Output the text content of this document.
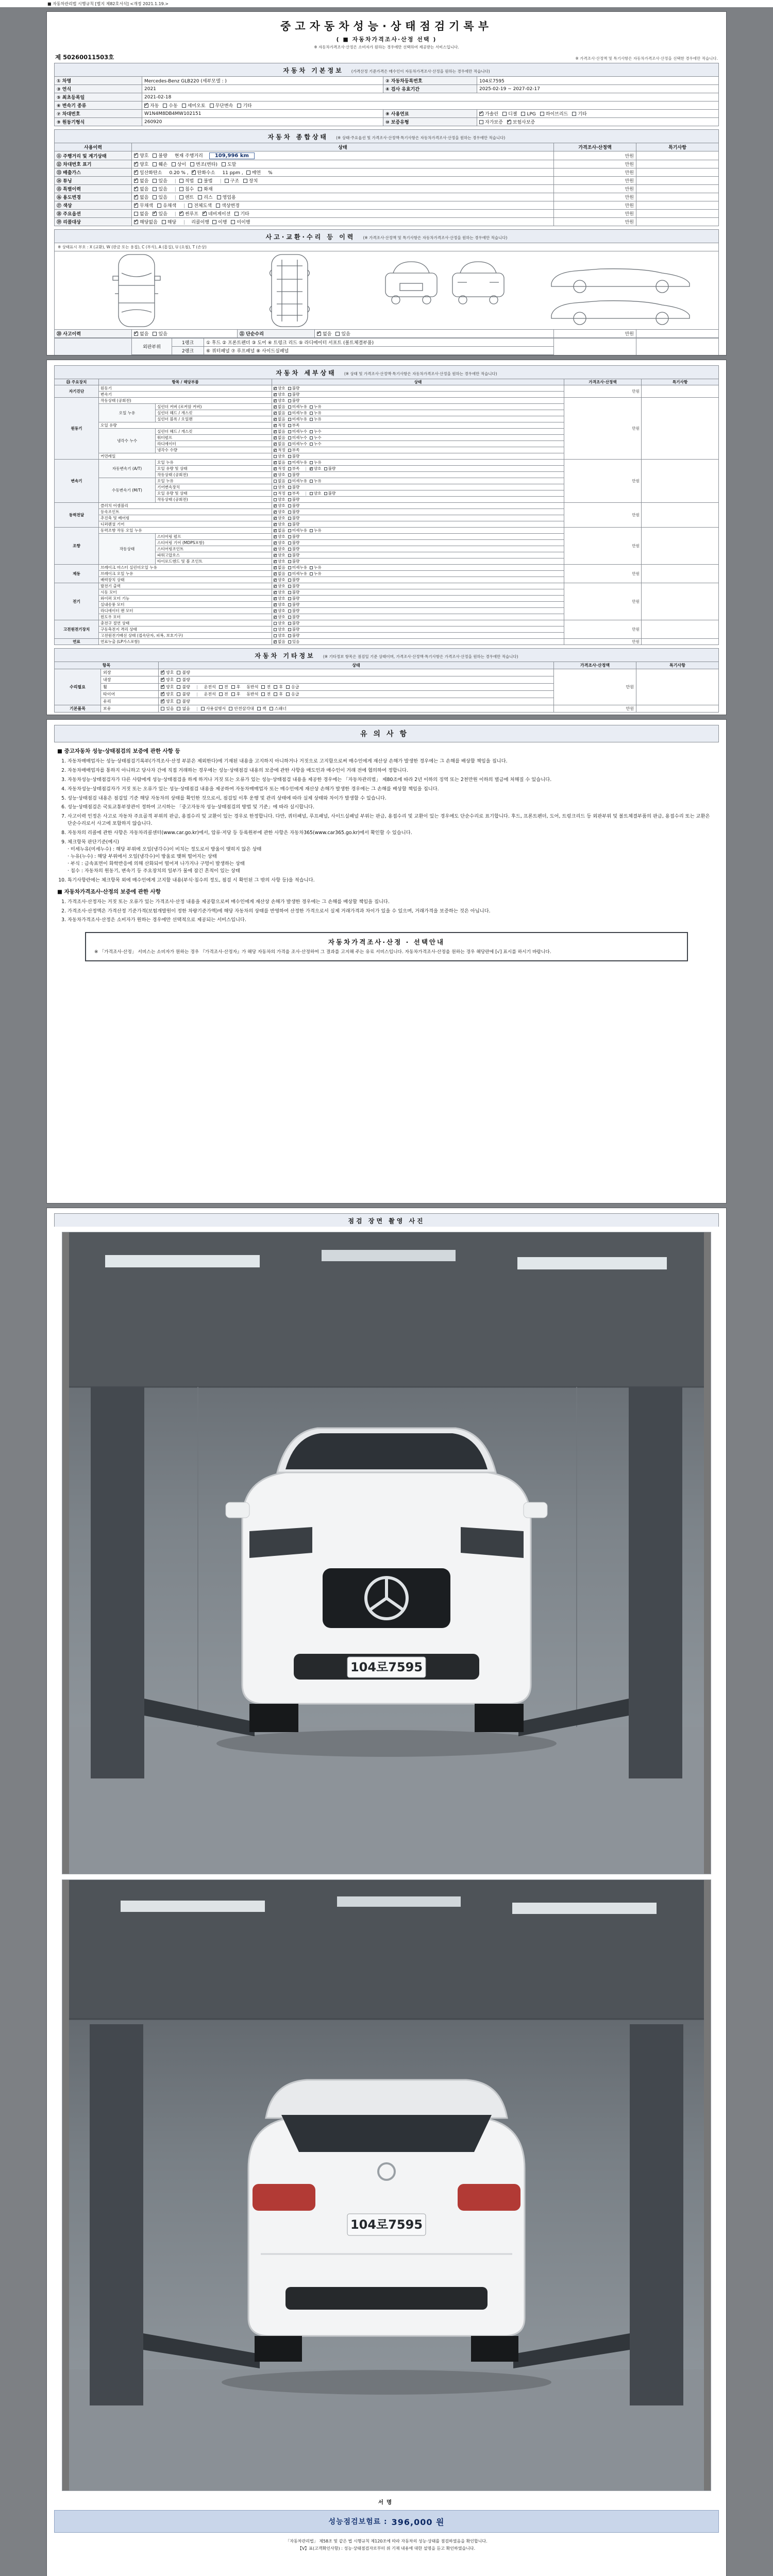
■ 자동차관리법 시행규칙 [별지 제82호서식] <개정 2021.1.19.>
중고자동차성능·상태점검기록부
( ■ 자동차가격조사·산정 선택 )
※ 자동차가격조사·산정은 소비자가 원하는 경우에만 선택하여 제공받는 서비스입니다.
제 50260011503호	※ 가격조사·산정액 및 특기사항은 자동차가격조사·산정을 선택한 경우에만 적습니다.
자동차 기본정보 (가격산정 기준가격은 매수인이 자동차가격조사·산정을 원하는 경우에만 적습니다)
① 차명	Mercedes-Benz GLB220 (세부모델 : )	② 자동차등록번호	104로7595
③ 연식	2021	④ 검사 유효기간	2025-02-19 ~ 2027-02-17
⑤ 최초등록일	2021-02-18		
⑥ 변속기 종류	✓자동 수동 세미오토 무단변속 기타
⑦ 차대번호	W1N4M8DB4MW102151	⑧ 사용연료	✓가솔린 디젤 LPG 하이브리드 기타
⑨ 원동기형식	260920	⑩ 보증유형	자가보증 ✓ 보험사보증
자동차 종합상태 (※ 상태·주요옵션 및 가격조사·산정액·특기사항은 자동차가격조사·산정을 원하는 경우에만 적습니다)
사용이력	상태	가격조사·산정액	특기사항
⑪ 주행거리 및 계기상태	✓양호 불량 현재 주행거리 109,996 km	만원	
⑫ 차대번호 표기	✓양호 훼손 상이 변조(변타) 도말	만원	
⑬ 배출가스	✓일산화탄소 0.20 % , ✓ 탄화수소 11 ppm , 매연 %	만원	
⑭ 튜닝	✓없음 있음 | 적법 불법 | 구조 장치	만원	
⑮ 특별이력	✓없음 있음 | 침수 화재	만원	
⑯ 용도변경	✓없음 있음 | 렌트 리스 영업용	만원	
⑰ 색상	✓무채색 유채색 | 전체도색 색상변경	만원	
⑱ 주요옵션	없음 ✓ 있음 | ✓ 썬루프 ✓ 네비게이션 기타	만원	
⑲ 리콜대상	✓해당없음 해당 | 리콜이행 이행 미이행	만원	
사고·교환·수리 등 이력 (※ 가격조사·산정액 및 특기사항은 자동차가격조사·산정을 원하는 경우에만 적습니다)
※ 상태표시 부호 : X (교환), W (판금 또는 용접), C (부식), A (흠집), U (요철), T (손상)
⑳ 사고이력	✓없음 있음	㉑ 단순수리	✓없음 있음	만원	
	외판부위	1랭크	① 후드 ② 프론트펜더 ③ 도어 ④ 트렁크 리드 ⑤ 라디에이터 서포트 (볼트체결부품)		
		2랭크	⑥ 쿼터패널 ⑦ 루프패널 ⑧ 사이드실패널		

자동차 세부상태 (※ 상태 및 가격조사·산정액·특기사항은 자동차가격조사·산정을 원하는 경우에만 적습니다)
㉓ 주요장치	항목 / 해당부품		상태	가격조사·산정액	특기사항
자기진단	원동기	✓양호 불량	만원	
	변속기	✓양호 불량
원동기	작동상태 (공회전)	✓양호 불량	만원	
	오일 누유	실린더 커버 (로커암 커버)	✓없음 미세누유 누유
		실린더 헤드 / 개스킷	✓없음 미세누유 누유
		실린더 블록 / 오일팬	✓없음 미세누유 누유
	오일 유량	✓적정 부족
	냉각수 누수	실린더 헤드 / 개스킷	✓없음 미세누수 누수
		워터펌프	✓없음 미세누수 누수
		라디에이터	✓없음 미세누수 누수
		냉각수 수량	✓적정 부족
	커먼레일		양호 불량		
변속기	자동변속기 (A/T)	오일 누유	✓없음 미세누유 누유	만원	
		오일 유량 및 상태	✓적정 부족 | ✓ 양호 불량
		작동상태 (공회전)	✓양호 불량
	수동변속기 (M/T)	오일 누유	없음 미세누유 누유		
		기어변속장치	양호 불량		
		오일 유량 및 상태	적정 부족 | 양호 불량		
		작동상태 (공회전)	양호 불량		
동력전달	클러치 어셈블리	✓양호 불량	만원	
	등속조인트	✓양호 불량
	추진축 및 베어링	✓양호 불량
	디퍼렌셜 기어	✓양호 불량
조향	동력조향 작동 오일 누유	✓없음 미세누유 누유	만원	
	작동상태	스티어링 펌프	✓양호 불량
		스티어링 기어 (MDPS포함)	✓양호 불량
		스티어링조인트	✓양호 불량
		파워고압호스	✓양호 불량
		타이로드엔드 및 볼 조인트	✓양호 불량
제동	브레이크 마스터 실린더오일 누유	✓없음 미세누유 누유	만원	
	브레이크 오일 누유	✓없음 미세누유 누유
	배력장치 상태	✓양호 불량
전기	발전기 출력	✓양호 불량	만원	
	시동 모터	✓양호 불량
	와이퍼 모터 기능	✓양호 불량
	실내송풍 모터	✓양호 불량
	라디에이터 팬 모터	✓양호 불량
	윈도우 모터	✓양호 불량
고전원전기장치	충전구 절연 상태		양호 불량	만원	
	구동축전지 격리 상태		양호 불량		
	고전원전기배선 상태 (접속단자, 피복, 보호기구)		양호 불량		
연료	연료누출 (LP가스포함)	✓없음 있음	만원	
자동차 기타정보 (※ 기타정보 항목은 점검일 기준 상태이며, 가격조사·산정액·특기사항은 가격조사·산정을 원하는 경우에만 적습니다)
항목		상태	가격조사·산정액	특기사항
수리필요	외장	✓양호 불량	만원	
	내장	✓양호 불량
	휠	✓양호 불량 | 운전석 전 후 동반석 전 후 응급
	타이어	✓양호 불량 | 운전석 전 후 동반석 전 후 응급
	유리	✓양호 불량
기본품목	보유	있음 없음 | 사용설명서 안전삼각대 잭 스패너	만원	

유의사항
■ 중고자동차 성능·상태점검의 보증에 관한 사항 등
1. 자동차매매업자는 성능·상태점검기록부(가격조사·산정 부분은 제외한다)에 기재된 내용을 고지하지 아니하거나 거짓으로 고지함으로써 매수인에게 재산상 손해가 발생한 경우에는 그 손해를 배상할 책임을 집니다.
2. 자동차매매업자를 통하지 아니하고 당사자 간에 직접 거래하는 경우에는 성능·상태점검 내용의 보증에 관한 사항을 매도인과 매수인이 거래 전에 협의하여 정합니다.
3. 자동차성능·상태점검자가 다른 사람에게 성능·상태점검을 하게 하거나 거짓 또는 오류가 있는 성능·상태점검 내용을 제공한 경우에는 「자동차관리법」 제80조에 따라 2년 이하의 징역 또는 2천만원 이하의 벌금에 처해질 수 있습니다.
4. 자동차성능·상태점검자가 거짓 또는 오류가 있는 성능·상태점검 내용을 제공하여 자동차매매업자 또는 매수인에게 재산상 손해가 발생한 경우에는 그 손해를 배상할 책임을 집니다.
5. 성능·상태점검 내용은 점검일 기준 해당 자동차의 상태를 확인한 것으로서, 점검일 이후 운행 및 관리 상태에 따라 실제 상태와 차이가 발생할 수 있습니다.
6. 성능·상태점검은 국토교통부장관이 정하여 고시하는 「중고자동차 성능·상태점검의 방법 및 기준」에 따라 실시합니다.
7. 사고이력 인정은 사고로 자동차 주요골격 부위의 판금, 용접수리 및 교환이 있는 경우로 한정합니다. 다만, 쿼터패널, 루프패널, 사이드실패널 부위는 판금, 용접수리 및 교환이 있는 경우에도 단순수리로 표기합니다. 후드, 프론트펜더, 도어, 트렁크리드 등 외판부위 및 볼트체결부품의 판금, 용접수리 또는 교환은 단순수리로서 사고에 포함하지 않습니다.
8. 자동차의 리콜에 관한 사항은 자동차리콜센터(www.car.go.kr)에서, 압류·저당 등 등록원부에 관한 사항은 자동차365(www.car365.go.kr)에서 확인할 수 있습니다.
9. 체크항목 판단기준(예시)
· 미세누유(미세누수) : 해당 부위에 오일(냉각수)이 비치는 정도로서 방울이 맺히지 않은 상태
· 누유(누수) : 해당 부위에서 오일(냉각수)이 방울로 맺혀 떨어지는 상태
· 부식 : 금속표면이 화학반응에 의해 산화되어 떨어져 나가거나 구멍이 발생하는 상태
· 침수 : 자동차의 원동기, 변속기 등 주요장치의 일부가 물에 잠긴 흔적이 있는 상태
10. 특기사항란에는 체크항목 외에 매수인에게 고지할 내용(부식·침수의 정도, 점검 시 확인된 그 밖의 사항 등)을 적습니다.
■ 자동차가격조사·산정의 보증에 관한 사항
1. 가격조사·산정자는 거짓 또는 오류가 있는 가격조사·산정 내용을 제공함으로써 매수인에게 재산상 손해가 발생한 경우에는 그 손해를 배상할 책임을 집니다.
2. 가격조사·산정액은 가격산정 기준가격(보험개발원이 정한 차량기준가액)에 해당 자동차의 상태를 반영하여 산정한 가격으로서 실제 거래가격과 차이가 있을 수 있으며, 거래가격을 보증하는 것은 아닙니다.
3. 자동차가격조사·산정은 소비자가 원하는 경우에만 선택적으로 제공되는 서비스입니다.
자동차가격조사·산정 · 선택안내
※ 「가격조사·산정」 서비스는 소비자가 원하는 경우 『가격조사·산정자』가 해당 자동차의 가격을 조사·산정하여 그 결과를 고지해 주는 유료 서비스입니다. 자동차가격조사·산정을 원하는 경우 해당란에 [√] 표시를 하시기 바랍니다.
점검 장면 촬영 사진
104로7595
104로7595
서명
성능점검보험료 : 396,000 원
「자동차관리법」 제58조 및 같은 법 시행규칙 제120조에 따라 자동차의 성능·상태를 점검하였음을 확인합니다.
【V】표(고객확인사항) : 성능·상태점검자로부터 위 기재 내용에 대한 설명을 듣고 확인하였습니다.
